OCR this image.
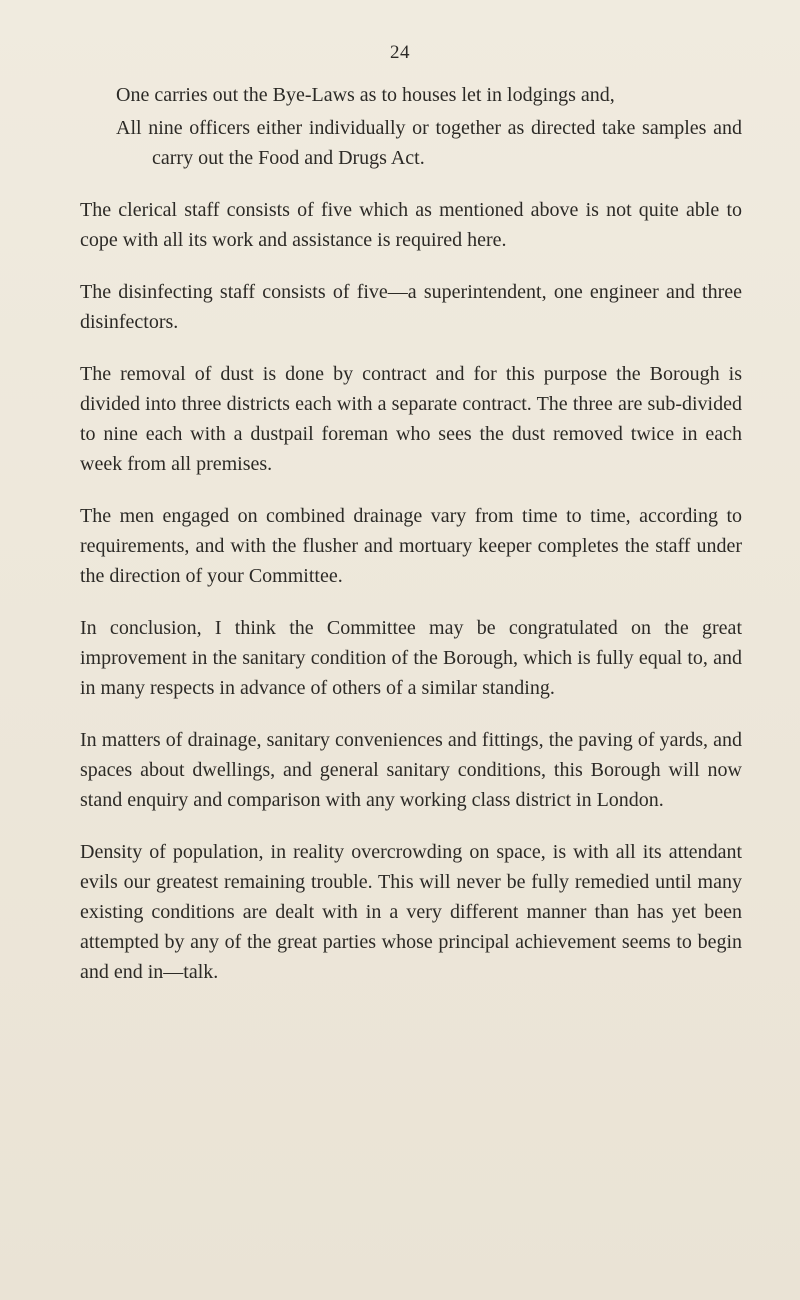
24

One carries out the Bye-Laws as to houses let in lodgings and,

All nine officers either individually or together as directed take samples and carry out the Food and Drugs Act.

The clerical staff consists of five which as mentioned above is not quite able to cope with all its work and assistance is required here.

The disinfecting staff consists of five—a superintendent, one engineer and three disinfectors.

The removal of dust is done by contract and for this purpose the Borough is divided into three districts each with a separate contract. The three are sub-divided to nine each with a dustpail foreman who sees the dust removed twice in each week from all premises.

The men engaged on combined drainage vary from time to time, according to requirements, and with the flusher and mortuary keeper completes the staff under the direction of your Committee.

In conclusion, I think the Committee may be congratulated on the great improvement in the sanitary condition of the Borough, which is fully equal to, and in many respects in advance of others of a similar standing.

In matters of drainage, sanitary conveniences and fittings, the paving of yards, and spaces about dwellings, and general sanitary conditions, this Borough will now stand enquiry and comparison with any working class district in London.

Density of population, in reality overcrowding on space, is with all its attendant evils our greatest remaining trouble. This will never be fully remedied until many existing conditions are dealt with in a very different manner than has yet been attempted by any of the great parties whose principal achievement seems to begin and end in—talk.
